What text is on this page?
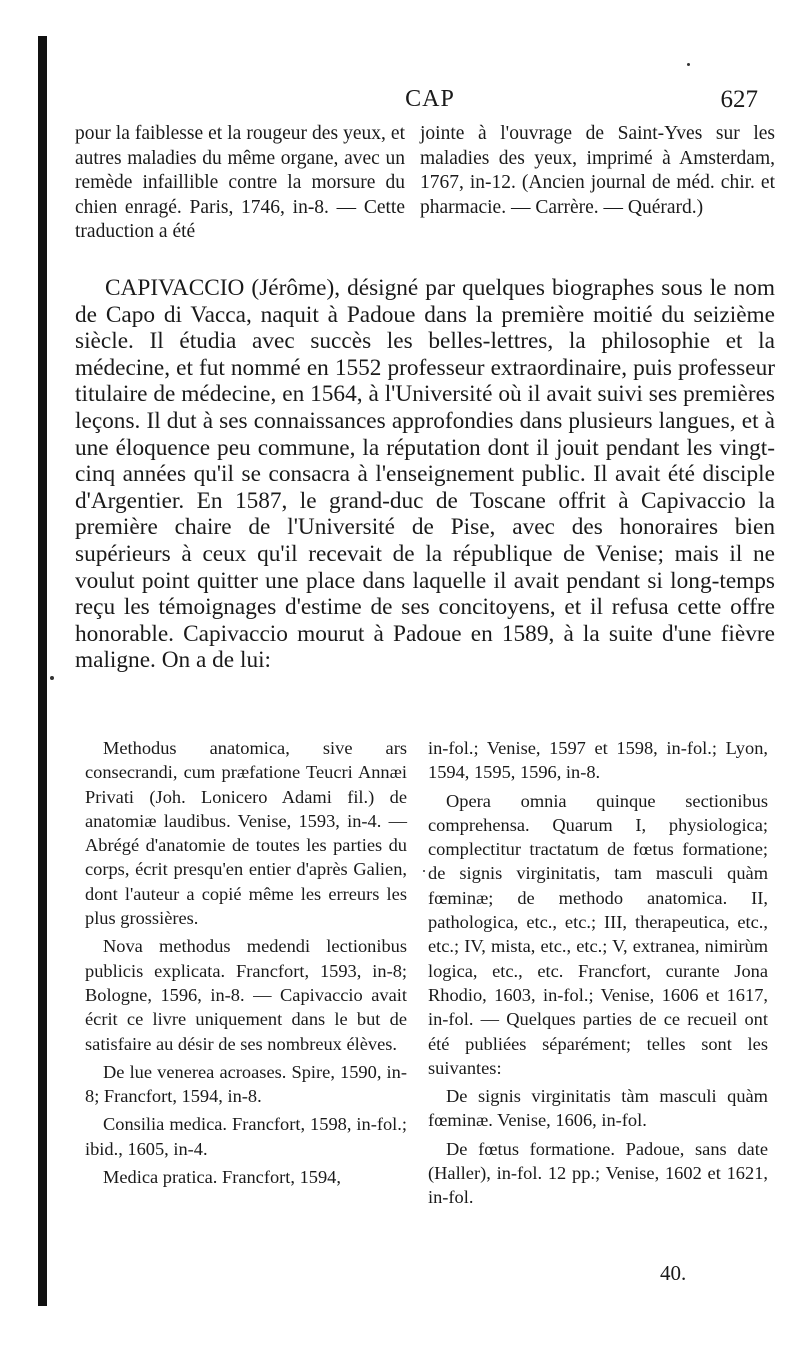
CAP	627
pour la faiblesse et la rougeur des yeux, et autres maladies du même organe, avec un remède infaillible contre la morsure du chien enragé. Paris, 1746, in-8. — Cette traduction a été
jointe à l'ouvrage de Saint-Yves sur les maladies des yeux, imprimé à Amsterdam, 1767, in-12. (Ancien journal de méd. chir. et pharmacie. — Carrère. — Quérard.)

CAPIVACCIO (Jérôme), désigné par quelques biographes sous le nom de Capo di Vacca, naquit à Padoue dans la première moitié du seizième siècle. Il étudia avec succès les belles-lettres, la philosophie et la médecine, et fut nommé en 1552 professeur extraordinaire, puis professeur titulaire de médecine, en 1564, à l'Université où il avait suivi ses premières leçons. Il dut à ses connaissances approfondies dans plusieurs langues, et à une éloquence peu commune, la réputation dont il jouit pendant les vingt-cinq années qu'il se consacra à l'enseignement public. Il avait été disciple d'Argentier. En 1587, le grand-duc de Toscane offrit à Capivaccio la première chaire de l'Université de Pise, avec des honoraires bien supérieurs à ceux qu'il recevait de la république de Venise; mais il ne voulut point quitter une place dans laquelle il avait pendant si long-temps reçu les témoignages d'estime de ses concitoyens, et il refusa cette offre honorable. Capivaccio mourut à Padoue en 1589, à la suite d'une fièvre maligne. On a de lui:

Methodus anatomica, sive ars consecrandi, cum præfatione Teucri Annæi Privati (Joh. Lonicero Adami fil.) de anatomiæ laudibus. Venise, 1593, in-4. — Abrégé d'anatomie de toutes les parties du corps, écrit presqu'en entier d'après Galien, dont l'auteur a copié même les erreurs les plus grossières.

Nova methodus medendi lectionibus publicis explicata. Francfort, 1593, in-8; Bologne, 1596, in-8. — Capivaccio avait écrit ce livre uniquement dans le but de satisfaire au désir de ses nombreux élèves.

De lue venerea acroases. Spire, 1590, in-8; Francfort, 1594, in-8.

Consilia medica. Francfort, 1598, in-fol.; ibid., 1605, in-4.

Medica pratica. Francfort, 1594,

in-fol.; Venise, 1597 et 1598, in-fol.; Lyon, 1594, 1595, 1596, in-8.

Opera omnia quinque sectionibus comprehensa. Quarum I, physiologica; complectitur tractatum de fœtus formatione; de signis virginitatis, tam masculi quàm fœminæ; de methodo anatomica. II, pathologica, etc., etc.; III, therapeutica, etc., etc.; IV, mista, etc., etc.; V, extranea, nimirùm logica, etc., etc. Francfort, curante Jona Rhodio, 1603, in-fol.; Venise, 1606 et 1617, in-fol. — Quelques parties de ce recueil ont été publiées séparément; telles sont les suivantes:

De signis virginitatis tàm masculi quàm fœminæ. Venise, 1606, in-fol.

De fœtus formatione. Padoue, sans date (Haller), in-fol. 12 pp.; Venise, 1602 et 1621, in-fol.

40.
